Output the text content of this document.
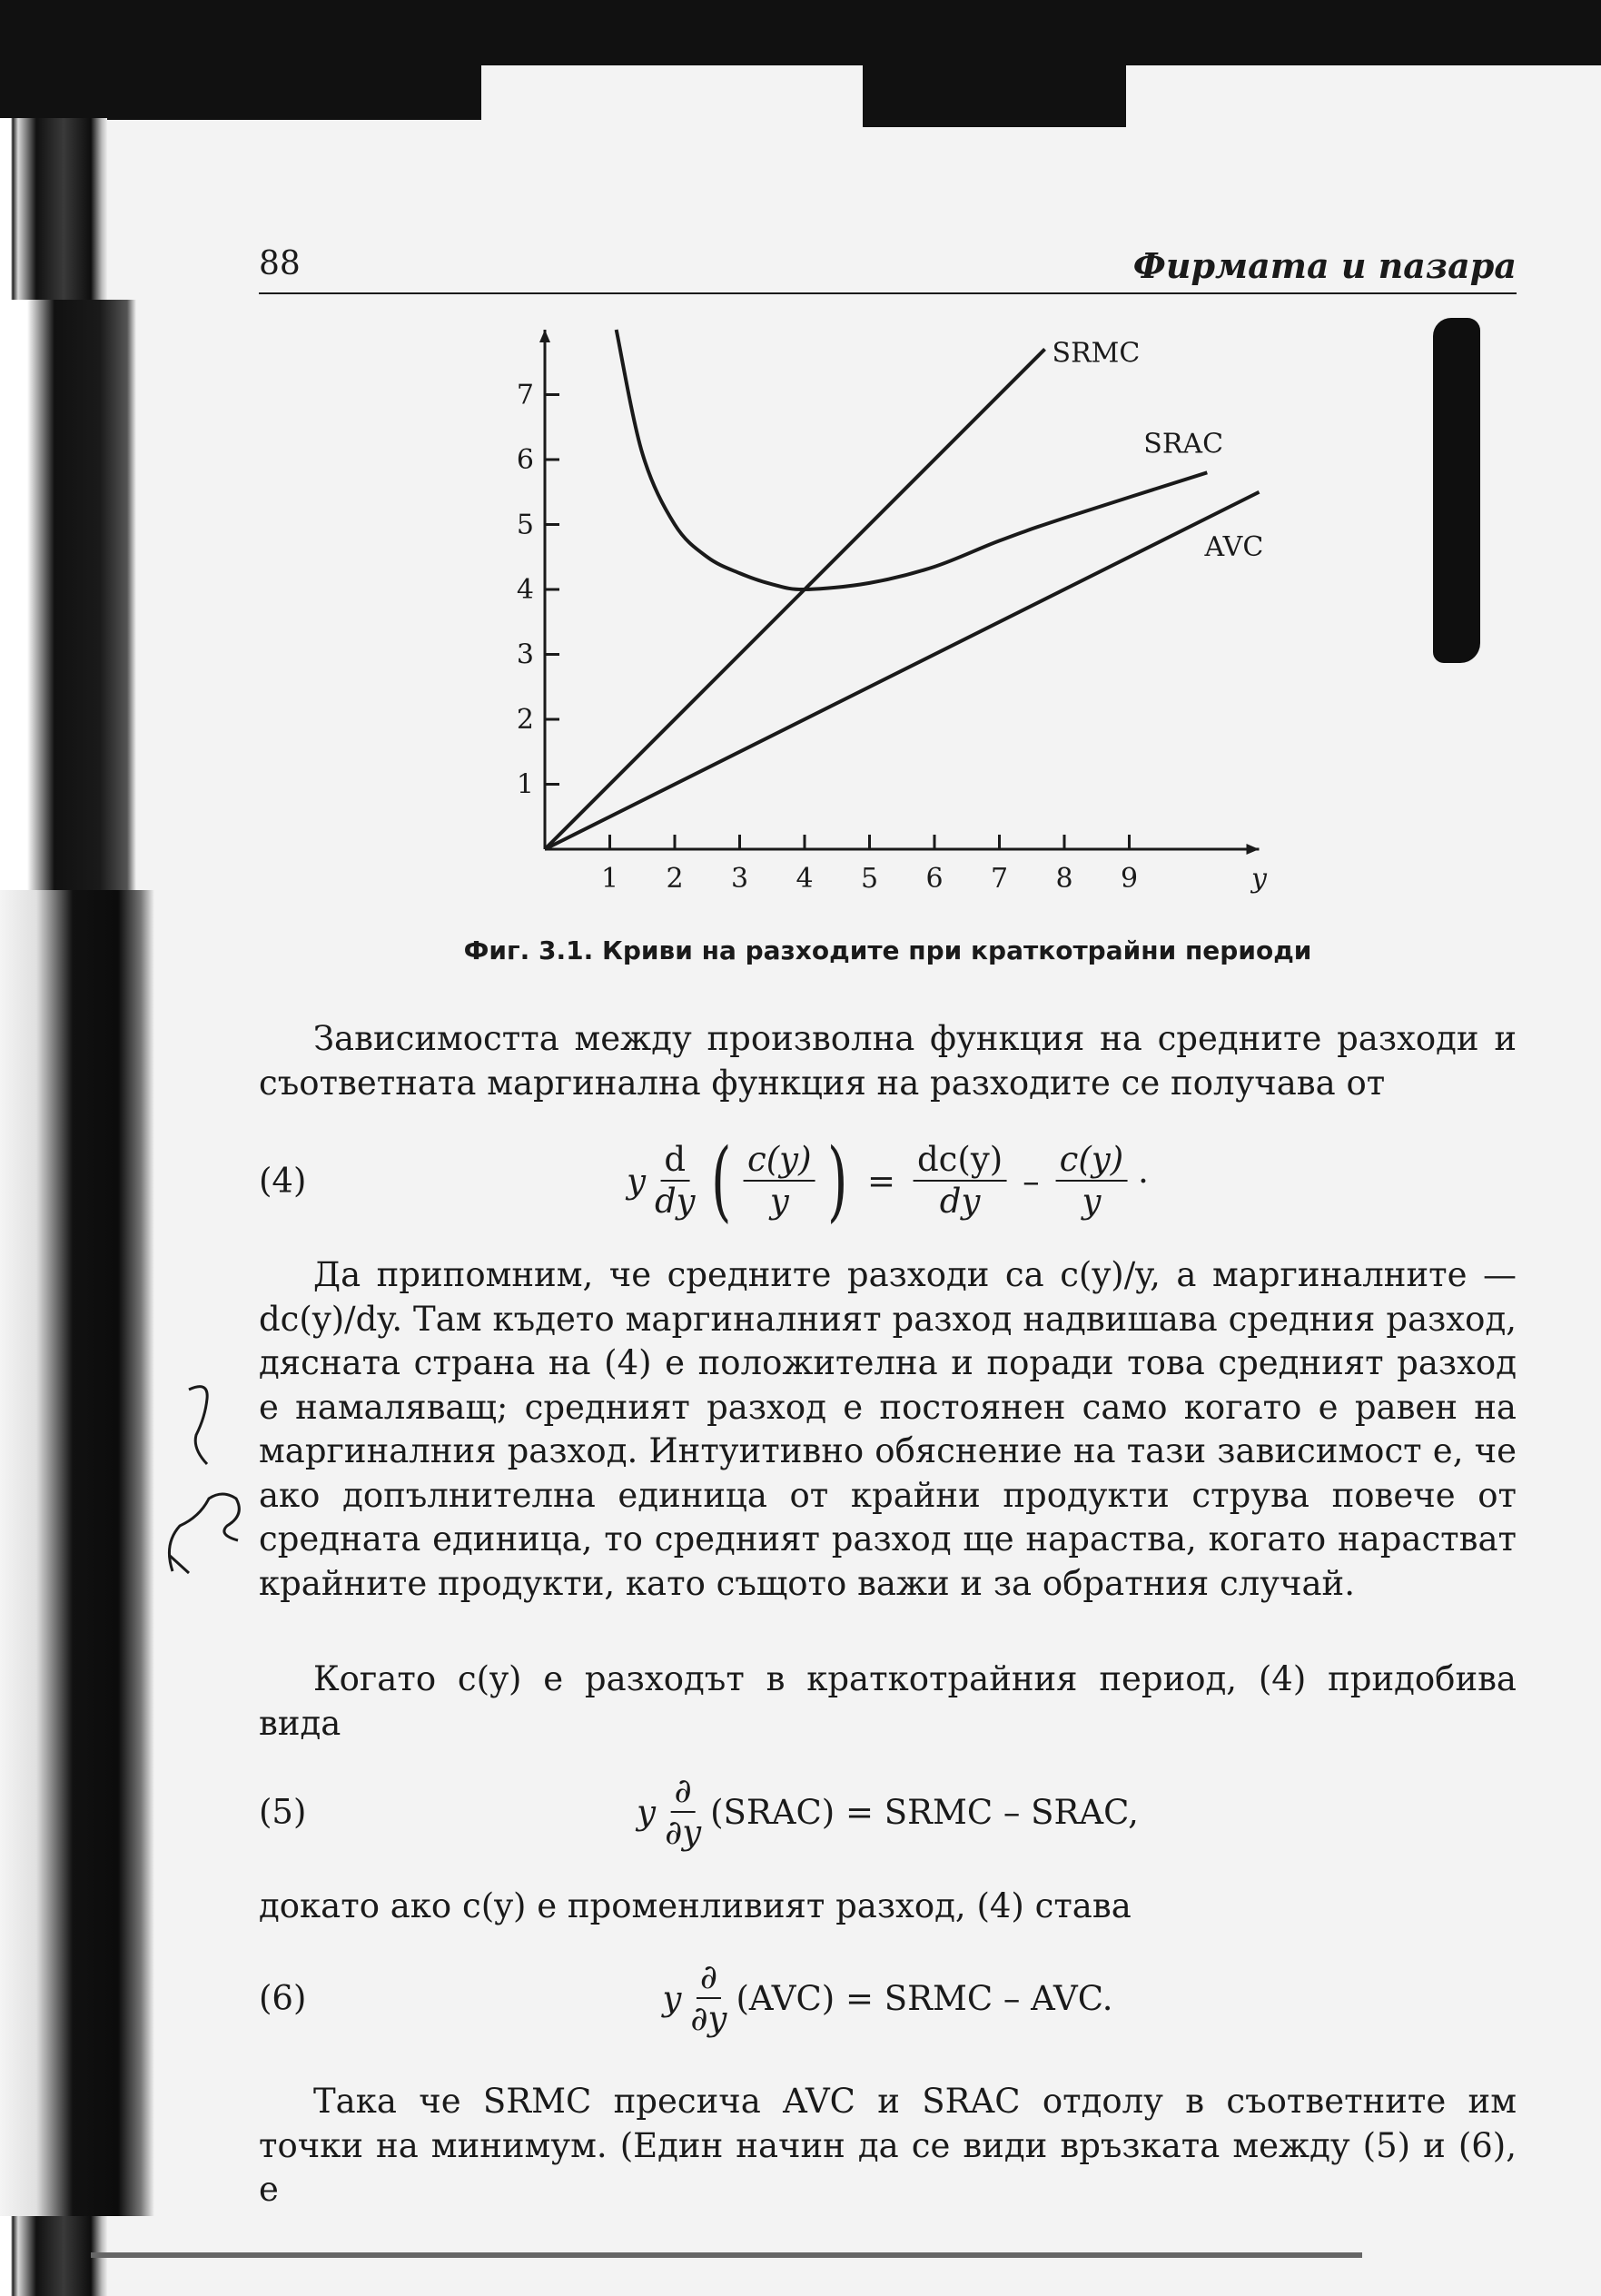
88	Фирмата и пазара
1 2 3 4 5 6 7 8 9	y
1
2
3
4
5
6
7
SRMC
SRAC
AVC
Фиг. 3.1. Криви на разходите при краткотрайни периоди

Зависимостта между произволна функция на средните разходи и съответната маргинална функция на разходите се получава от

(4)	y $\frac{d}{dy}$ ( $\frac{c(y)}{y}$ ) = $\frac{dc(y)}{dy} - \frac{c(y)}{y}$ ·

Да припомним, че средните разходи са c(y)/y, а маргиналните — dc(y)/dy. Там където маргиналният разход надвишава средния разход, дясната страна на (4) е положителна и поради това средният разход е намаляващ; средният разход е постоянен само когато е равен на маргиналния разход. Интуитивно обяснение на тази зависимост е, че ако допълнителна единица от крайни продукти струва повече от средната единица, то средният разход ще нараства, когато нарастват крайните продукти, като същото важи и за обратния случай.

Когато c(y) е разходът в краткотрайния период, (4) придобива вида

(5)	y $\frac{\partial}{\partial y}$ (SRAC) = SRMC – SRAC,

докато ако c(y) е променливият разход, (4) става

(6)	y $\frac{\partial}{\partial y} (AVC)$ = SRMC – AVC.

Така че SRMC пресича AVC и SRAC отдолу в съответните им точки на минимум. (Един начин да се види връзката между (5) и (6), е
